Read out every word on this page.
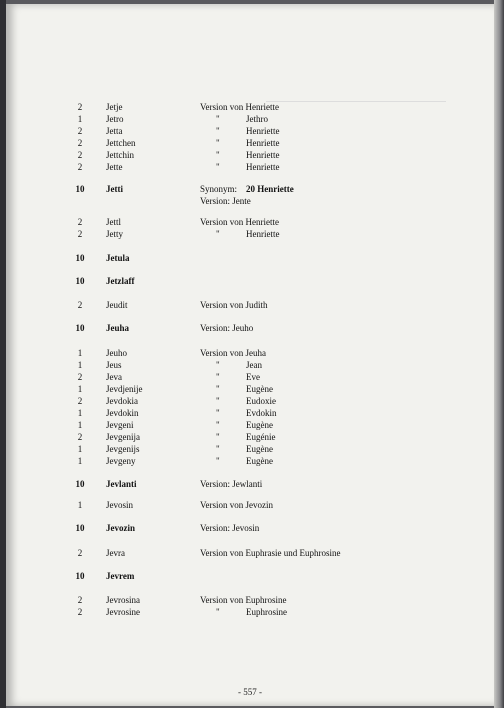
2	Jetje	Version von Henriette
1	Jetro	"	Jethro
2	Jetta	"	Henriette
2	Jettchen	"	Henriette
2	Jettchin	"	Henriette
2	Jette	"	Henriette
10	Jetti	Synonym: 20 Henriette
Version: Jente
2	Jettl	Version von Henriette
2	Jetty	"	Henriette
10	Jetula
10	Jetzlaff
2	Jeudit	Version von Judith
10	Jeuha	Version: Jeuho
1	Jeuho	Version von Jeuha
1	Jeus	"	Jean
2	Jeva	"	Eve
1	Jevdjenije	"	Eugène
2	Jevdokia	"	Eudoxie
1	Jevdokin	"	Evdokin
1	Jevgeni	"	Eugène
2	Jevgenija	"	Eugénie
1	Jevgenijs	"	Eugène
1	Jevgeny	"	Eugène
10	Jevlanti	Version: Jewlanti
1	Jevosin	Version von Jevozin
10	Jevozin	Version: Jevosin
2	Jevra	Version von Euphrasie und Euphrosine
10	Jevrem
2	Jevrosina	Version von Euphrosine
2	Jevrosine	"	Euphrosine
- 557 -
